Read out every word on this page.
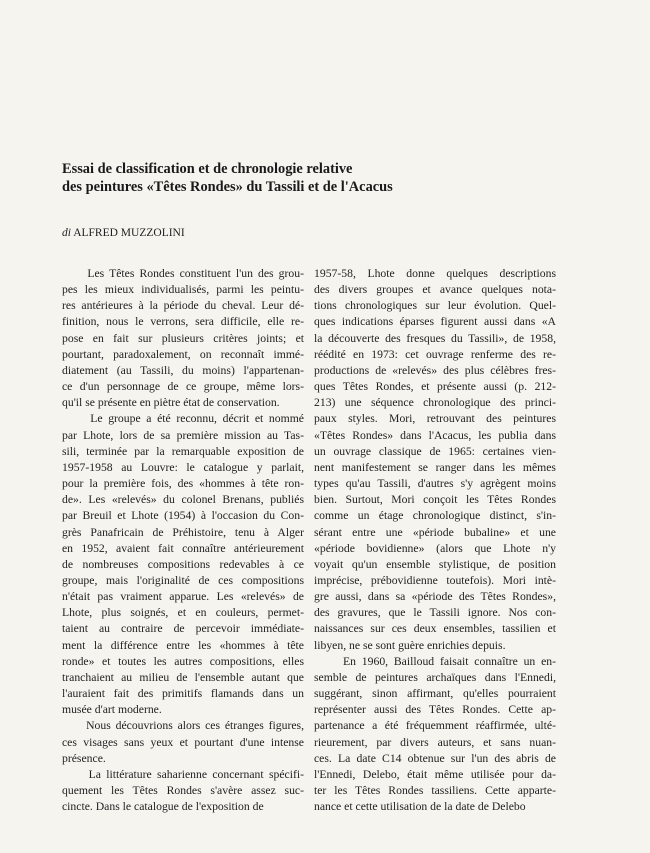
Essai de classification et de chronologie relative
des peintures «Têtes Rondes» du Tassili et de l'Acacus
di ALFRED MUZZOLINI

Les Têtes Rondes constituent l'un des grou-
pes les mieux individualisés, parmi les peintu-
res antérieures à la période du cheval. Leur dé-
finition, nous le verrons, sera difficile, elle re-
pose en fait sur plusieurs critères joints; et
pourtant, paradoxalement, on reconnaît immé-
diatement (au Tassili, du moins) l'appartenan-
ce d'un personnage de ce groupe, même lors-
qu'il se présente en piètre état de conservation.

Le groupe a été reconnu, décrit et nommé
par Lhote, lors de sa première mission au Tas-
sili, terminée par la remarquable exposition de
1957-1958 au Louvre: le catalogue y parlait,
pour la première fois, des «hommes à tête ron-
de». Les «relevés» du colonel Brenans, publiés
par Breuil et Lhote (1954) à l'occasion du Con-
grès Panafricain de Préhistoire, tenu à Alger
en 1952, avaient fait connaître antérieurement
de nombreuses compositions redevables à ce
groupe, mais l'originalité de ces compositions
n'était pas vraiment apparue. Les «relevés» de
Lhote, plus soignés, et en couleurs, permet-
taient au contraire de percevoir immédiate-
ment la différence entre les «hommes à tête
ronde» et toutes les autres compositions, elles
tranchaient au milieu de l'ensemble autant que
l'auraient fait des primitifs flamands dans un
musée d'art moderne.

Nous découvrions alors ces étranges figures,
ces visages sans yeux et pourtant d'une intense
présence.

La littérature saharienne concernant spécifi-
quement les Têtes Rondes s'avère assez suc-
cincte. Dans le catalogue de l'exposition de

1957-58, Lhote donne quelques descriptions
des divers groupes et avance quelques nota-
tions chronologiques sur leur évolution. Quel-
ques indications éparses figurent aussi dans «A
la découverte des fresques du Tassili», de 1958,
réédité en 1973: cet ouvrage renferme des re-
productions de «relevés» des plus célèbres fres-
ques Têtes Rondes, et présente aussi (p. 212-
213) une séquence chronologique des princi-
paux styles. Mori, retrouvant des peintures
«Têtes Rondes» dans l'Acacus, les publia dans
un ouvrage classique de 1965: certaines vien-
nent manifestement se ranger dans les mêmes
types qu'au Tassili, d'autres s'y agrègent moins
bien. Surtout, Mori conçoit les Têtes Rondes
comme un étage chronologique distinct, s'in-
sérant entre une «période bubaline» et une
«période bovidienne» (alors que Lhote n'y
voyait qu'un ensemble stylistique, de position
imprécise, prébovidienne toutefois). Mori intè-
gre aussi, dans sa «période des Têtes Rondes»,
des gravures, que le Tassili ignore. Nos con-
naissances sur ces deux ensembles, tassilien et
libyen, ne se sont guère enrichies depuis.

En 1960, Bailloud faisait connaître un en-
semble de peintures archaïques dans l'Ennedi,
suggérant, sinon affirmant, qu'elles pourraient
représenter aussi des Têtes Rondes. Cette ap-
partenance a été fréquemment réaffirmée, ulté-
rieurement, par divers auteurs, et sans nuan-
ces. La date C14 obtenue sur l'un des abris de
l'Ennedi, Delebo, était même utilisée pour da-
ter les Têtes Rondes tassiliens. Cette apparte-
nance et cette utilisation de la date de Delebo
